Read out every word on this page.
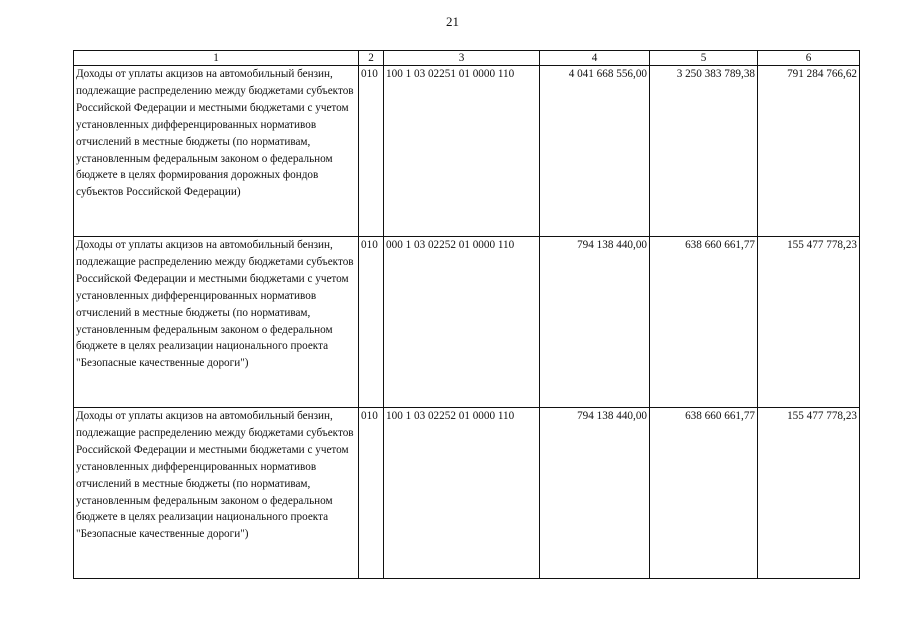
21
1	2	3	4	5	6
Доходы от уплаты акцизов на автомобильный бензин, подлежащие распределению между бюджетами субъектов Российской Федерации и местными бюджетами с учетом установленных дифференцированных нормативов отчислений в местные бюджеты (по нормативам, установленным федеральным законом о федеральном бюджете в целях формирования дорожных фондов субъектов Российской Федерации)	010	100 1 03 02251 01 0000 110	4 041 668 556,00	3 250 383 789,38	791 284 766,62
Доходы от уплаты акцизов на автомобильный бензин, подлежащие распределению между бюджетами субъектов Российской Федерации и местными бюджетами с учетом установленных дифференцированных нормативов отчислений в местные бюджеты (по нормативам, установленным федеральным законом о федеральном бюджете в целях реализации национального проекта "Безопасные качественные дороги")	010	000 1 03 02252 01 0000 110	794 138 440,00	638 660 661,77	155 477 778,23
Доходы от уплаты акцизов на автомобильный бензин, подлежащие распределению между бюджетами субъектов Российской Федерации и местными бюджетами с учетом установленных дифференцированных нормативов отчислений в местные бюджеты (по нормативам, установленным федеральным законом о федеральном бюджете в целях реализации национального проекта "Безопасные качественные дороги")	010	100 1 03 02252 01 0000 110	794 138 440,00	638 660 661,77	155 477 778,23
